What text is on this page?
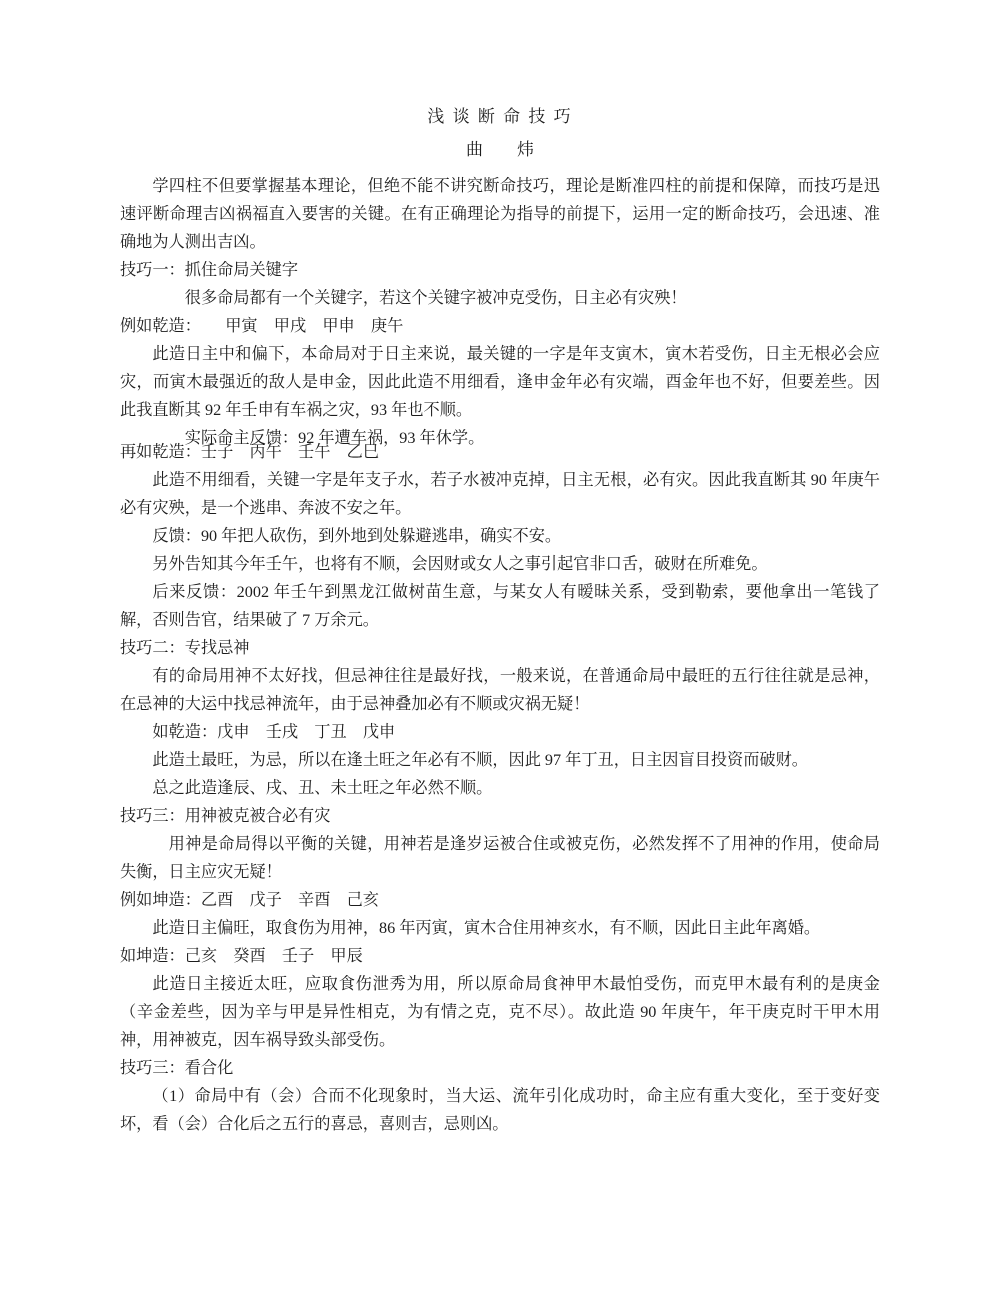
浅 谈 断 命 技 巧
曲　　炜

学四柱不但要掌握基本理论，但绝不能不讲究断命技巧，理论是断准四柱的前提和保障，而技巧是迅速评断命理吉凶祸福直入要害的关键。在有正确理论为指导的前提下，运用一定的断命技巧，会迅速、准确地为人测出吉凶。

技巧一：抓住命局关键字

很多命局都有一个关键字，若这个关键字被冲克受伤，日主必有灾殃！

例如乾造：　　甲寅　甲戌　甲申　庚午

此造日主中和偏下，本命局对于日主来说，最关键的一字是年支寅木，寅木若受伤，日主无根必会应灾，而寅木最强近的敌人是申金，因此此造不用细看，逢申金年必有灾端，酉金年也不好，但要差些。因此我直断其 92 年壬申有车祸之灾，93 年也不顺。

实际命主反馈：92 年遭车祸，93 年休学。

再如乾造：壬子　丙午　壬午　乙巳

此造不用细看，关键一字是年支子水，若子水被冲克掉，日主无根，必有灾。因此我直断其 90 年庚午必有灾殃，是一个逃串、奔波不安之年。

反馈：90 年把人砍伤，到外地到处躲避逃串，确实不安。

另外告知其今年壬午，也将有不顺，会因财或女人之事引起官非口舌，破财在所难免。

后来反馈：2002 年壬午到黑龙江做树苗生意，与某女人有暧昧关系，受到勒索，要他拿出一笔钱了解，否则告官，结果破了 7 万余元。

技巧二：专找忌神

有的命局用神不太好找，但忌神往往是最好找，一般来说，在普通命局中最旺的五行往往就是忌神，在忌神的大运中找忌神流年，由于忌神叠加必有不顺或灾祸无疑！

如乾造：戊申　壬戌　丁丑　戊申

此造土最旺，为忌，所以在逢土旺之年必有不顺，因此 97 年丁丑，日主因盲目投资而破财。

总之此造逢辰、戌、丑、未土旺之年必然不顺。

技巧三：用神被克被合必有灾

用神是命局得以平衡的关键，用神若是逢岁运被合住或被克伤，必然发挥不了用神的作用，使命局失衡，日主应灾无疑！

例如坤造：乙酉　戊子　辛酉　己亥

此造日主偏旺，取食伤为用神，86 年丙寅，寅木合住用神亥水，有不顺，因此日主此年离婚。

如坤造：己亥　癸酉　壬子　甲辰

此造日主接近太旺，应取食伤泄秀为用，所以原命局食神甲木最怕受伤，而克甲木最有利的是庚金（辛金差些，因为辛与甲是异性相克，为有情之克，克不尽）。故此造 90 年庚午，年干庚克时干甲木用神，用神被克，因车祸导致头部受伤。

技巧三：看合化

（1）命局中有（会）合而不化现象时，当大运、流年引化成功时，命主应有重大变化，至于变好变坏，看（会）合化后之五行的喜忌，喜则吉，忌则凶。
